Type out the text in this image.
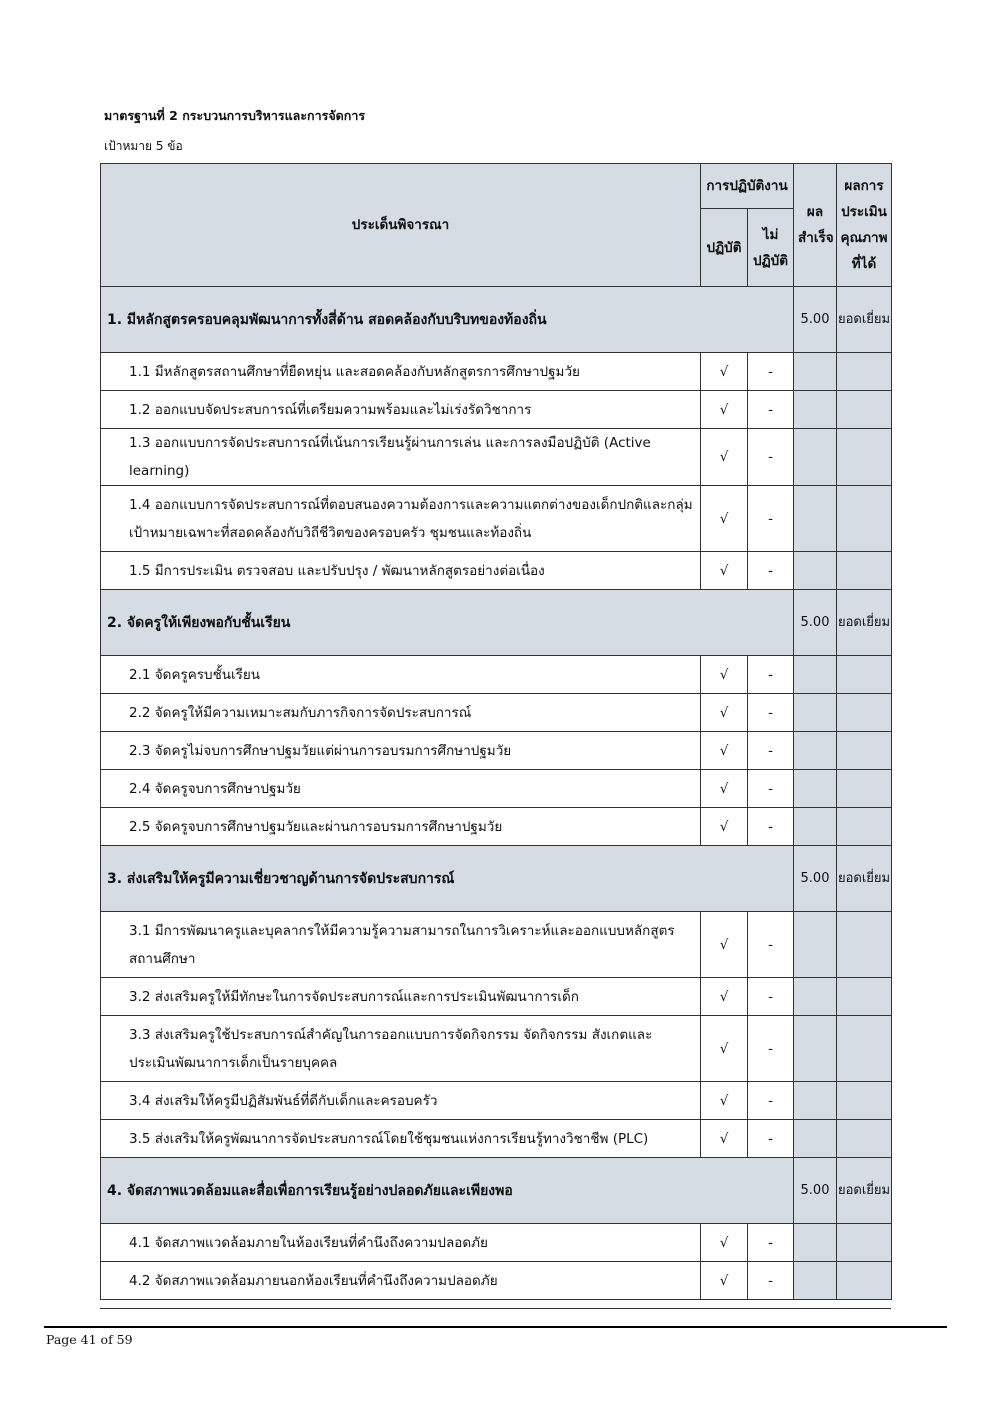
มาตรฐานที่ 2 กระบวนการบริหารและการจัดการ

เป้าหมาย 5 ข้อ

ประเด็นพิจารณา	การปฏิบัติงาน		ผลสำเร็จ	ผลการประเมินคุณภาพที่ได้
	ปฏิบัติ	ไม่ปฏิบัติ		
1. มีหลักสูตรครอบคลุมพัฒนาการทั้งสี่ด้าน สอดคล้องกับบริบทของท้องถิ่น			5.00	ยอดเยี่ยม
1.1 มีหลักสูตรสถานศึกษาที่ยืดหยุ่น และสอดคล้องกับหลักสูตรการศึกษาปฐมวัย	√	-		
1.2 ออกแบบจัดประสบการณ์ที่เตรียมความพร้อมและไม่เร่งรัดวิชาการ	√	-		
1.3 ออกแบบการจัดประสบการณ์ที่เน้นการเรียนรู้ผ่านการเล่น และการลงมือปฏิบัติ (Active learning)	√	-		
1.4 ออกแบบการจัดประสบการณ์ที่ตอบสนองความต้องการและความแตกต่างของเด็กปกติและกลุ่มเป้าหมายเฉพาะที่สอดคล้องกับวิถีชีวิตของครอบครัว ชุมชนและท้องถิ่น	√	-		
1.5 มีการประเมิน ตรวจสอบ และปรับปรุง / พัฒนาหลักสูตรอย่างต่อเนื่อง	√	-		
2. จัดครูให้เพียงพอกับชั้นเรียน			5.00	ยอดเยี่ยม
2.1 จัดครูครบชั้นเรียน	√	-		
2.2 จัดครูให้มีความเหมาะสมกับภารกิจการจัดประสบการณ์	√	-		
2.3 จัดครูไม่จบการศึกษาปฐมวัยแต่ผ่านการอบรมการศึกษาปฐมวัย	√	-		
2.4 จัดครูจบการศึกษาปฐมวัย	√	-		
2.5 จัดครูจบการศึกษาปฐมวัยและผ่านการอบรมการศึกษาปฐมวัย	√	-		
3. ส่งเสริมให้ครูมีความเชี่ยวชาญด้านการจัดประสบการณ์			5.00	ยอดเยี่ยม
3.1 มีการพัฒนาครูและบุคลากรให้มีความรู้ความสามารถในการวิเคราะห์และออกแบบหลักสูตรสถานศึกษา	√	-		
3.2 ส่งเสริมครูให้มีทักษะในการจัดประสบการณ์และการประเมินพัฒนาการเด็ก	√	-		
3.3 ส่งเสริมครูใช้ประสบการณ์สำคัญในการออกแบบการจัดกิจกรรม จัดกิจกรรม สังเกตและประเมินพัฒนาการเด็กเป็นรายบุคคล	√	-		
3.4 ส่งเสริมให้ครูมีปฏิสัมพันธ์ที่ดีกับเด็กและครอบครัว	√	-		
3.5 ส่งเสริมให้ครูพัฒนาการจัดประสบการณ์โดยใช้ชุมชนแห่งการเรียนรู้ทางวิชาชีพ (PLC)	√	-		
4. จัดสภาพแวดล้อมและสื่อเพื่อการเรียนรู้อย่างปลอดภัยและเพียงพอ			5.00	ยอดเยี่ยม
4.1 จัดสภาพแวดล้อมภายในห้องเรียนที่คำนึงถึงความปลอดภัย	√	-		
4.2 จัดสภาพแวดล้อมภายนอกห้องเรียนที่คำนึงถึงความปลอดภัย	√	-		
Page 41 of 59
